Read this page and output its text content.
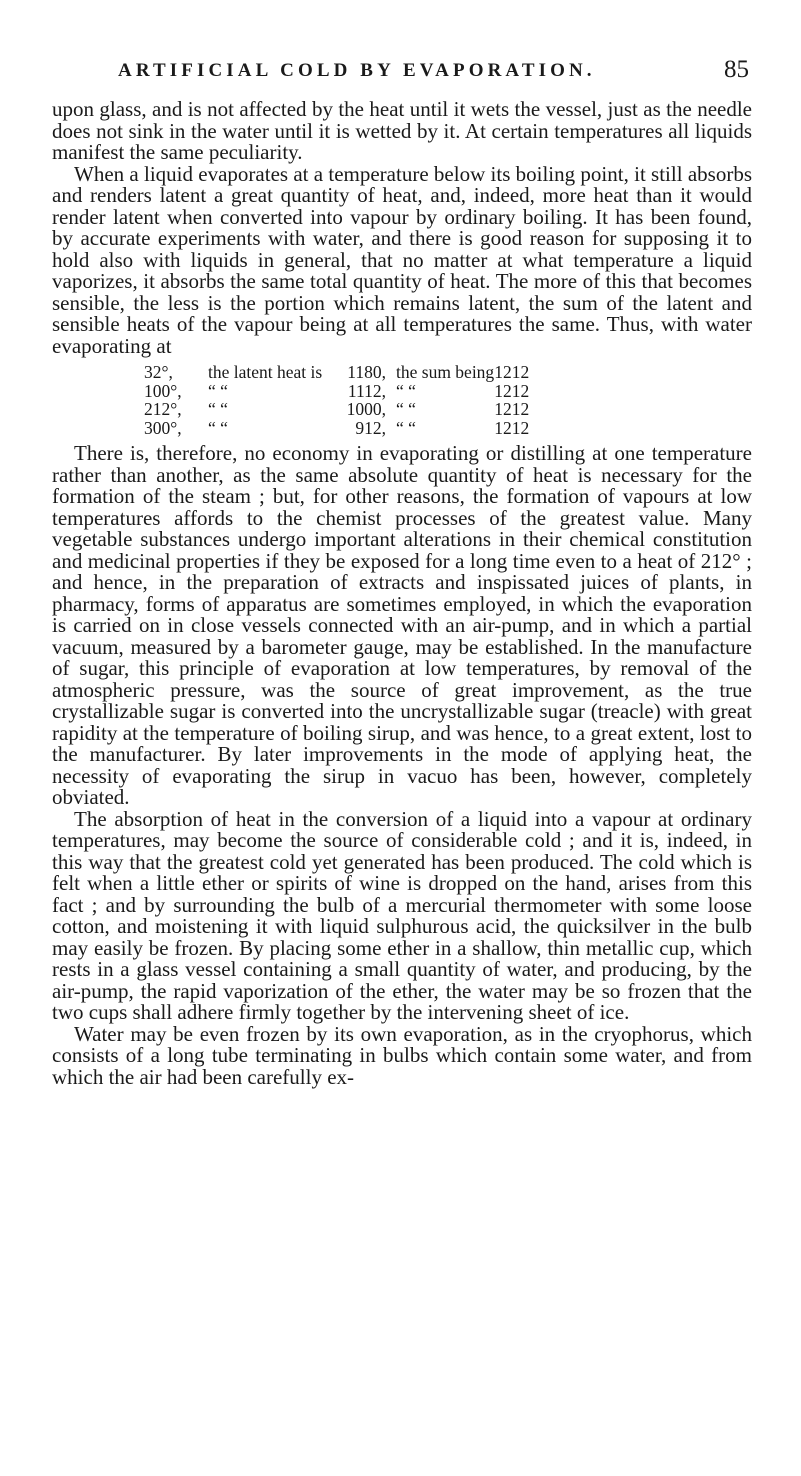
ARTIFICIAL COLD BY EVAPORATION.	85

upon glass, and is not affected by the heat until it wets the vessel, just as the needle does not sink in the water until it is wetted by it. At certain temperatures all liquids manifest the same peculiarity.

When a liquid evaporates at a temperature below its boiling point, it still absorbs and renders latent a great quantity of heat, and, indeed, more heat than it would render latent when converted into vapour by ordinary boiling. It has been found, by accurate experiments with water, and there is good reason for supposing it to hold also with liquids in general, that no matter at what temperature a liquid vaporizes, it absorbs the same total quantity of heat. The more of this that becomes sensible, the less is the portion which remains latent, the sum of the latent and sensible heats of the vapour being at all temperatures the same. Thus, with water evaporating at

32°,	the latent heat is	1180,	the sum being	1212
100°,	“ “	1112,	“ “	1212
212°,	“ “	1000,	“ “	1212
300°,	“ “	912,	“ “	1212

There is, therefore, no economy in evaporating or distilling at one temperature rather than another, as the same absolute quantity of heat is necessary for the formation of the steam ; but, for other reasons, the formation of vapours at low temperatures affords to the chemist processes of the greatest value. Many vegetable substances undergo important alterations in their chemical constitution and medicinal properties if they be exposed for a long time even to a heat of 212° ; and hence, in the preparation of extracts and inspissated juices of plants, in pharmacy, forms of apparatus are sometimes employed, in which the evaporation is carried on in close vessels connected with an air-pump, and in which a partial vacuum, measured by a barometer gauge, may be established. In the manufacture of sugar, this principle of evaporation at low temperatures, by removal of the atmospheric pressure, was the source of great improvement, as the true crystallizable sugar is converted into the uncrystallizable sugar (treacle) with great rapidity at the temperature of boiling sirup, and was hence, to a great extent, lost to the manufacturer. By later improvements in the mode of applying heat, the necessity of evaporating the sirup in vacuo has been, however, completely obviated.

The absorption of heat in the conversion of a liquid into a vapour at ordinary temperatures, may become the source of considerable cold ; and it is, indeed, in this way that the greatest cold yet generated has been produced. The cold which is felt when a little ether or spirits of wine is dropped on the hand, arises from this fact ; and by surrounding the bulb of a mercurial thermometer with some loose cotton, and moistening it with liquid sulphurous acid, the quicksilver in the bulb may easily be frozen. By placing some ether in a shallow, thin metallic cup, which rests in a glass vessel containing a small quantity of water, and producing, by the air-pump, the rapid vaporization of the ether, the water may be so frozen that the two cups shall adhere firmly together by the intervening sheet of ice.

Water may be even frozen by its own evaporation, as in the cryophorus, which consists of a long tube terminating in bulbs which contain some water, and from which the air had been carefully ex-
